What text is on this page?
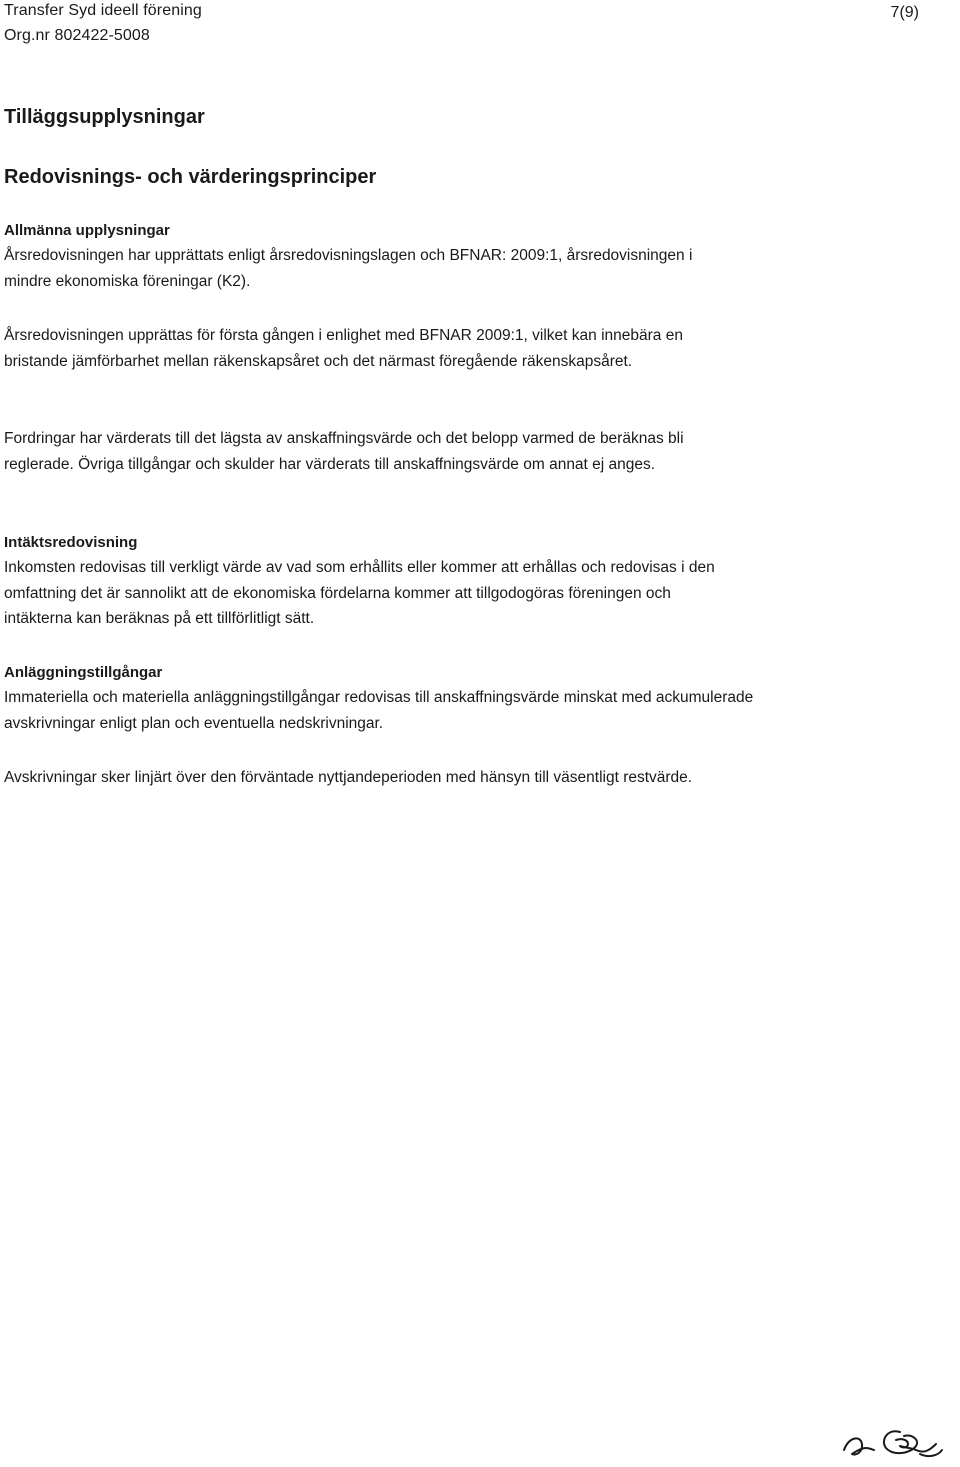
Transfer Syd ideell förening
Org.nr 802422-5008
7(9)
Tilläggsupplysningar
Redovisnings- och värderingsprinciper
Allmänna upplysningar

Årsredovisningen har upprättats enligt årsredovisningslagen och BFNAR: 2009:1, årsredovisningen i mindre ekonomiska föreningar (K2).

Årsredovisningen upprättas för första gången i enlighet med BFNAR 2009:1, vilket kan innebära en bristande jämförbarhet mellan räkenskapsåret och det närmast föregående räkenskapsåret.

Fordringar har värderats till det lägsta av anskaffningsvärde och det belopp varmed de beräknas bli reglerade. Övriga tillgångar och skulder har värderats till anskaffningsvärde om annat ej anges.

Intäktsredovisning

Inkomsten redovisas till verkligt värde av vad som erhållits eller kommer att erhållas och redovisas i den omfattning det är sannolikt att de ekonomiska fördelarna kommer att tillgodogöras föreningen och intäkterna kan beräknas på ett tillförlitligt sätt.

Anläggningstillgångar

Immateriella och materiella anläggningstillgångar redovisas till anskaffningsvärde minskat med ackumulerade avskrivningar enligt plan och eventuella nedskrivningar.

Avskrivningar sker linjärt över den förväntade nyttjandeperioden med hänsyn till väsentligt restvärde.
